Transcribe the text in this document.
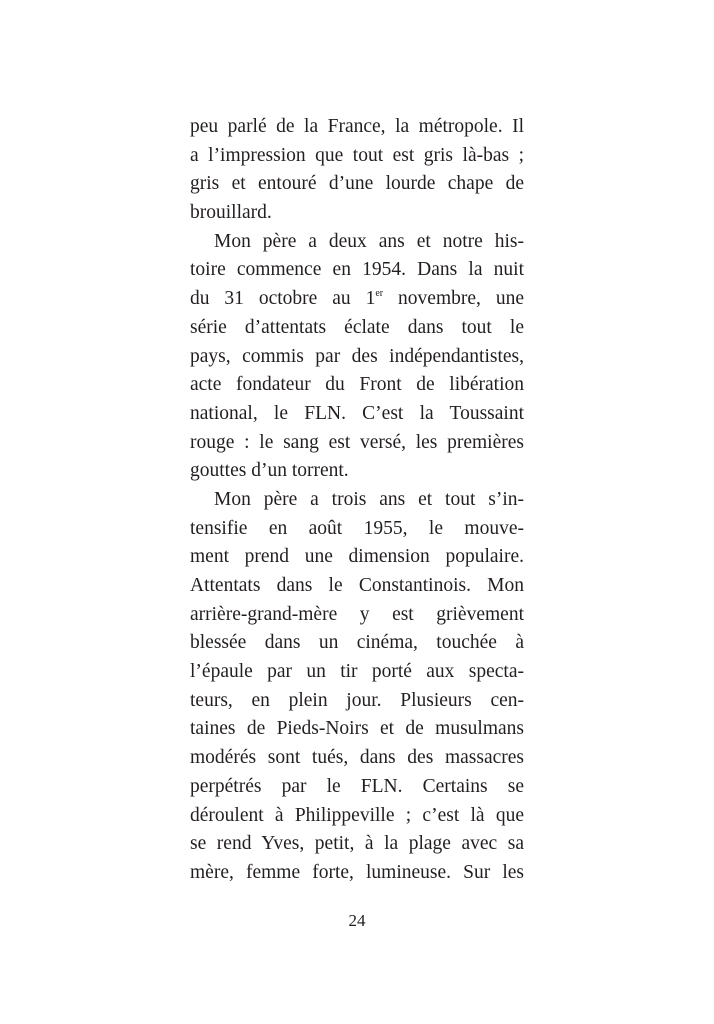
peu parlé de la France, la métropole. Il
a l’impression que tout est gris là-bas ;
gris et entouré d’une lourde chape de
brouillard.
Mon père a deux ans et notre his-
toire commence en 1954. Dans la nuit
du 31 octobre au 1er novembre, une
série d’attentats éclate dans tout le
pays, commis par des indépendantistes,
acte fondateur du Front de libération
national, le FLN. C’est la Toussaint
rouge : le sang est versé, les premières
gouttes d’un torrent.
Mon père a trois ans et tout s’in-
tensifie en août 1955, le mouve-
ment prend une dimension populaire.
Attentats dans le Constantinois. Mon
arrière-grand-mère y est grièvement
blessée dans un cinéma, touchée à
l’épaule par un tir porté aux specta-
teurs, en plein jour. Plusieurs cen-
taines de Pieds-Noirs et de musulmans
modérés sont tués, dans des massacres
perpétrés par le FLN. Certains se
déroulent à Philippeville ; c’est là que
se rend Yves, petit, à la plage avec sa
mère, femme forte, lumineuse. Sur les
24
